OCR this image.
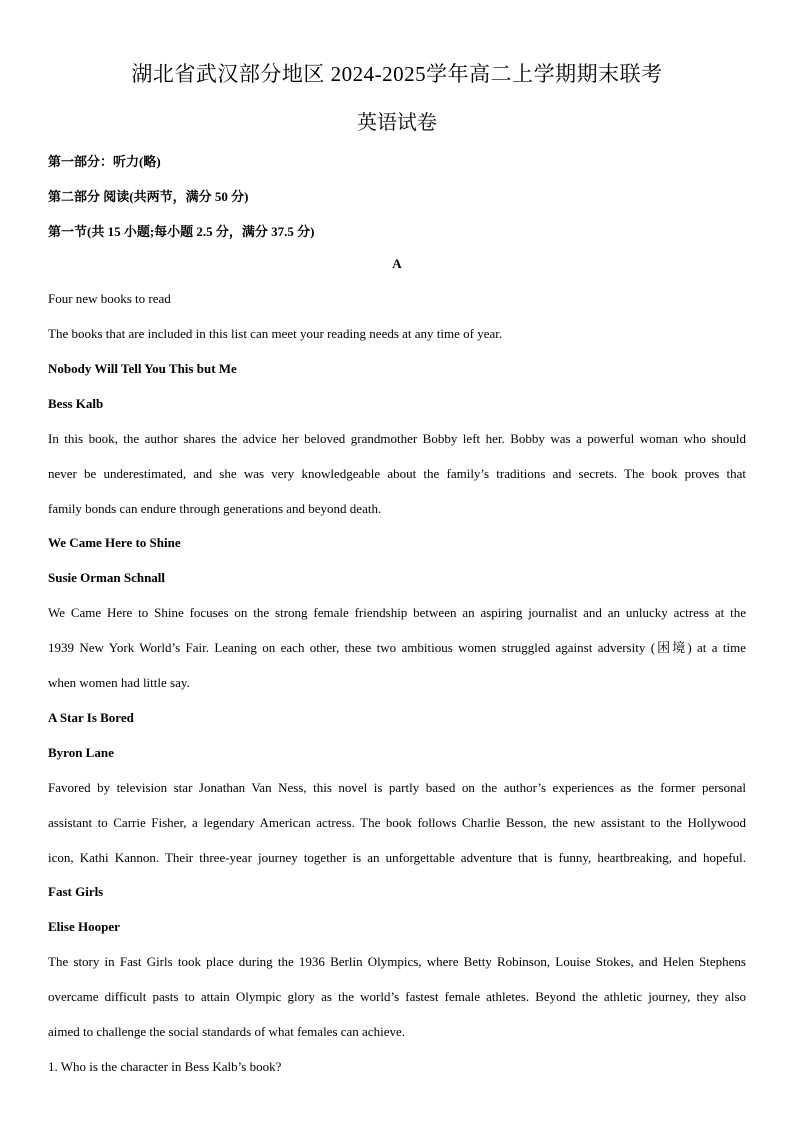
湖北省武汉部分地区 2024-2025学年高二上学期期末联考
英语试卷
第一部分：听力(略)
第二部分 阅读(共两节，满分 50 分)
第一节(共 15 小题;每小题 2.5 分，满分 37.5 分)
A
Four new books to read
The books that are included in this list can meet your reading needs at any time of year.
Nobody Will Tell You This but Me
Bess Kalb
In this book, the author shares the advice her beloved grandmother Bobby left her. Bobby was a powerful woman who should
never be underestimated, and she was very knowledgeable about the family’s traditions and secrets. The book proves that
family bonds can endure through generations and beyond death.
We Came Here to Shine
Susie Orman Schnall
We Came Here to Shine focuses on the strong female friendship between an aspiring journalist and an unlucky actress at the
1939 New York World’s Fair. Leaning on each other, these two ambitious women struggled against adversity (困境) at a time
when women had little say.
A Star Is Bored
Byron Lane
Favored by television star Jonathan Van Ness, this novel is partly based on the author’s experiences as the former personal
assistant to Carrie Fisher, a legendary American actress. The book follows Charlie Besson, the new assistant to the Hollywood
icon, Kathi Kannon. Their three-year journey together is an unforgettable adventure that is funny, heartbreaking, and hopeful.
Fast Girls
Elise Hooper
The story in Fast Girls took place during the 1936 Berlin Olympics, where Betty Robinson, Louise Stokes, and Helen Stephens
overcame difficult pasts to attain Olympic glory as the world’s fastest female athletes. Beyond the athletic journey, they also
aimed to challenge the social standards of what females can achieve.
1. Who is the character in Bess Kalb’s book?
